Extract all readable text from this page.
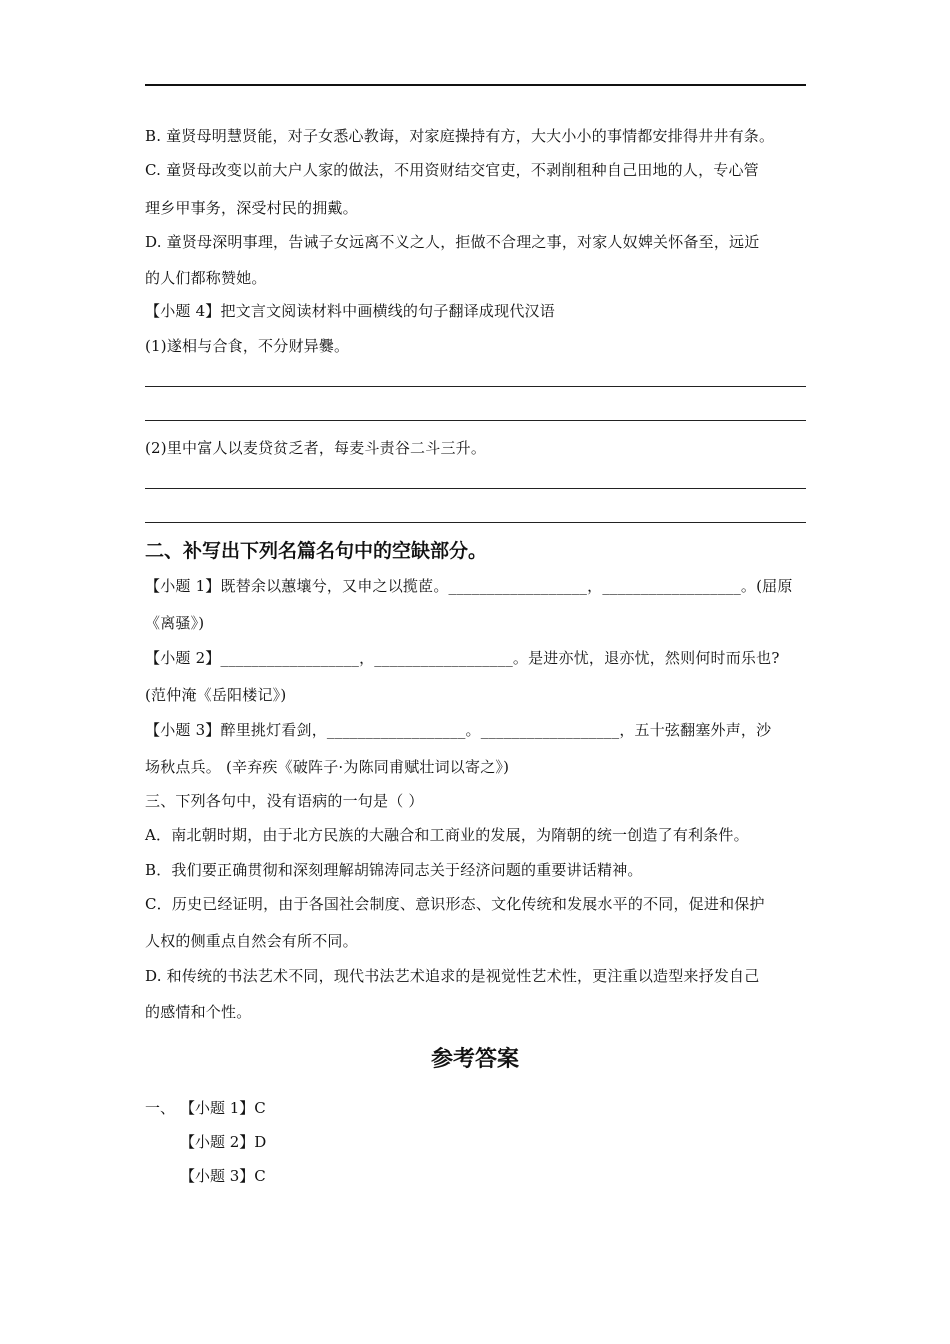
B. 童贤母明慧贤能，对子女悉心教诲，对家庭操持有方，大大小小的事情都安排得井井有条。
C. 童贤母改变以前大户人家的做法，不用资财结交官吏，不剥削租种自己田地的人，专心管
理乡甲事务，深受村民的拥戴。
D. 童贤母深明事理，告诫子女远离不义之人，拒做不合理之事，对家人奴婢关怀备至，远近
的人们都称赞她。
【小题 4】把文言文阅读材料中画横线的句子翻译成现代汉语
(1)遂相与合食，不分财异爨。
(2)里中富人以麦贷贫乏者，每麦斗责谷二斗三升。
二、补写出下列名篇名句中的空缺部分。
【小题 1】既替余以蕙壤兮，又申之以揽茝。__________________，__________________。(屈原
《离骚》)
【小题 2】__________________，__________________。是进亦忧，退亦忧，然则何时而乐也?
(范仲淹《岳阳楼记》)
【小题 3】醉里挑灯看剑，__________________。__________________，五十弦翻塞外声，沙
场秋点兵。 (辛弃疾《破阵子·为陈同甫赋壮词以寄之》)
三、下列各句中，没有语病的一句是（ ）
A．南北朝时期，由于北方民族的大融合和工商业的发展，为隋朝的统一创造了有利条件。
B．我们要正确贯彻和深刻理解胡锦涛同志关于经济问题的重要讲话精神。
C．历史已经证明，由于各国社会制度、意识形态、文化传统和发展水平的不同，促进和保护
人权的侧重点自然会有所不同。
D. 和传统的书法艺术不同，现代书法艺术追求的是视觉性艺术性，更注重以造型来抒发自己
的感情和个性。
参考答案
一、 【小题 1】C
【小题 2】D
【小题 3】C
